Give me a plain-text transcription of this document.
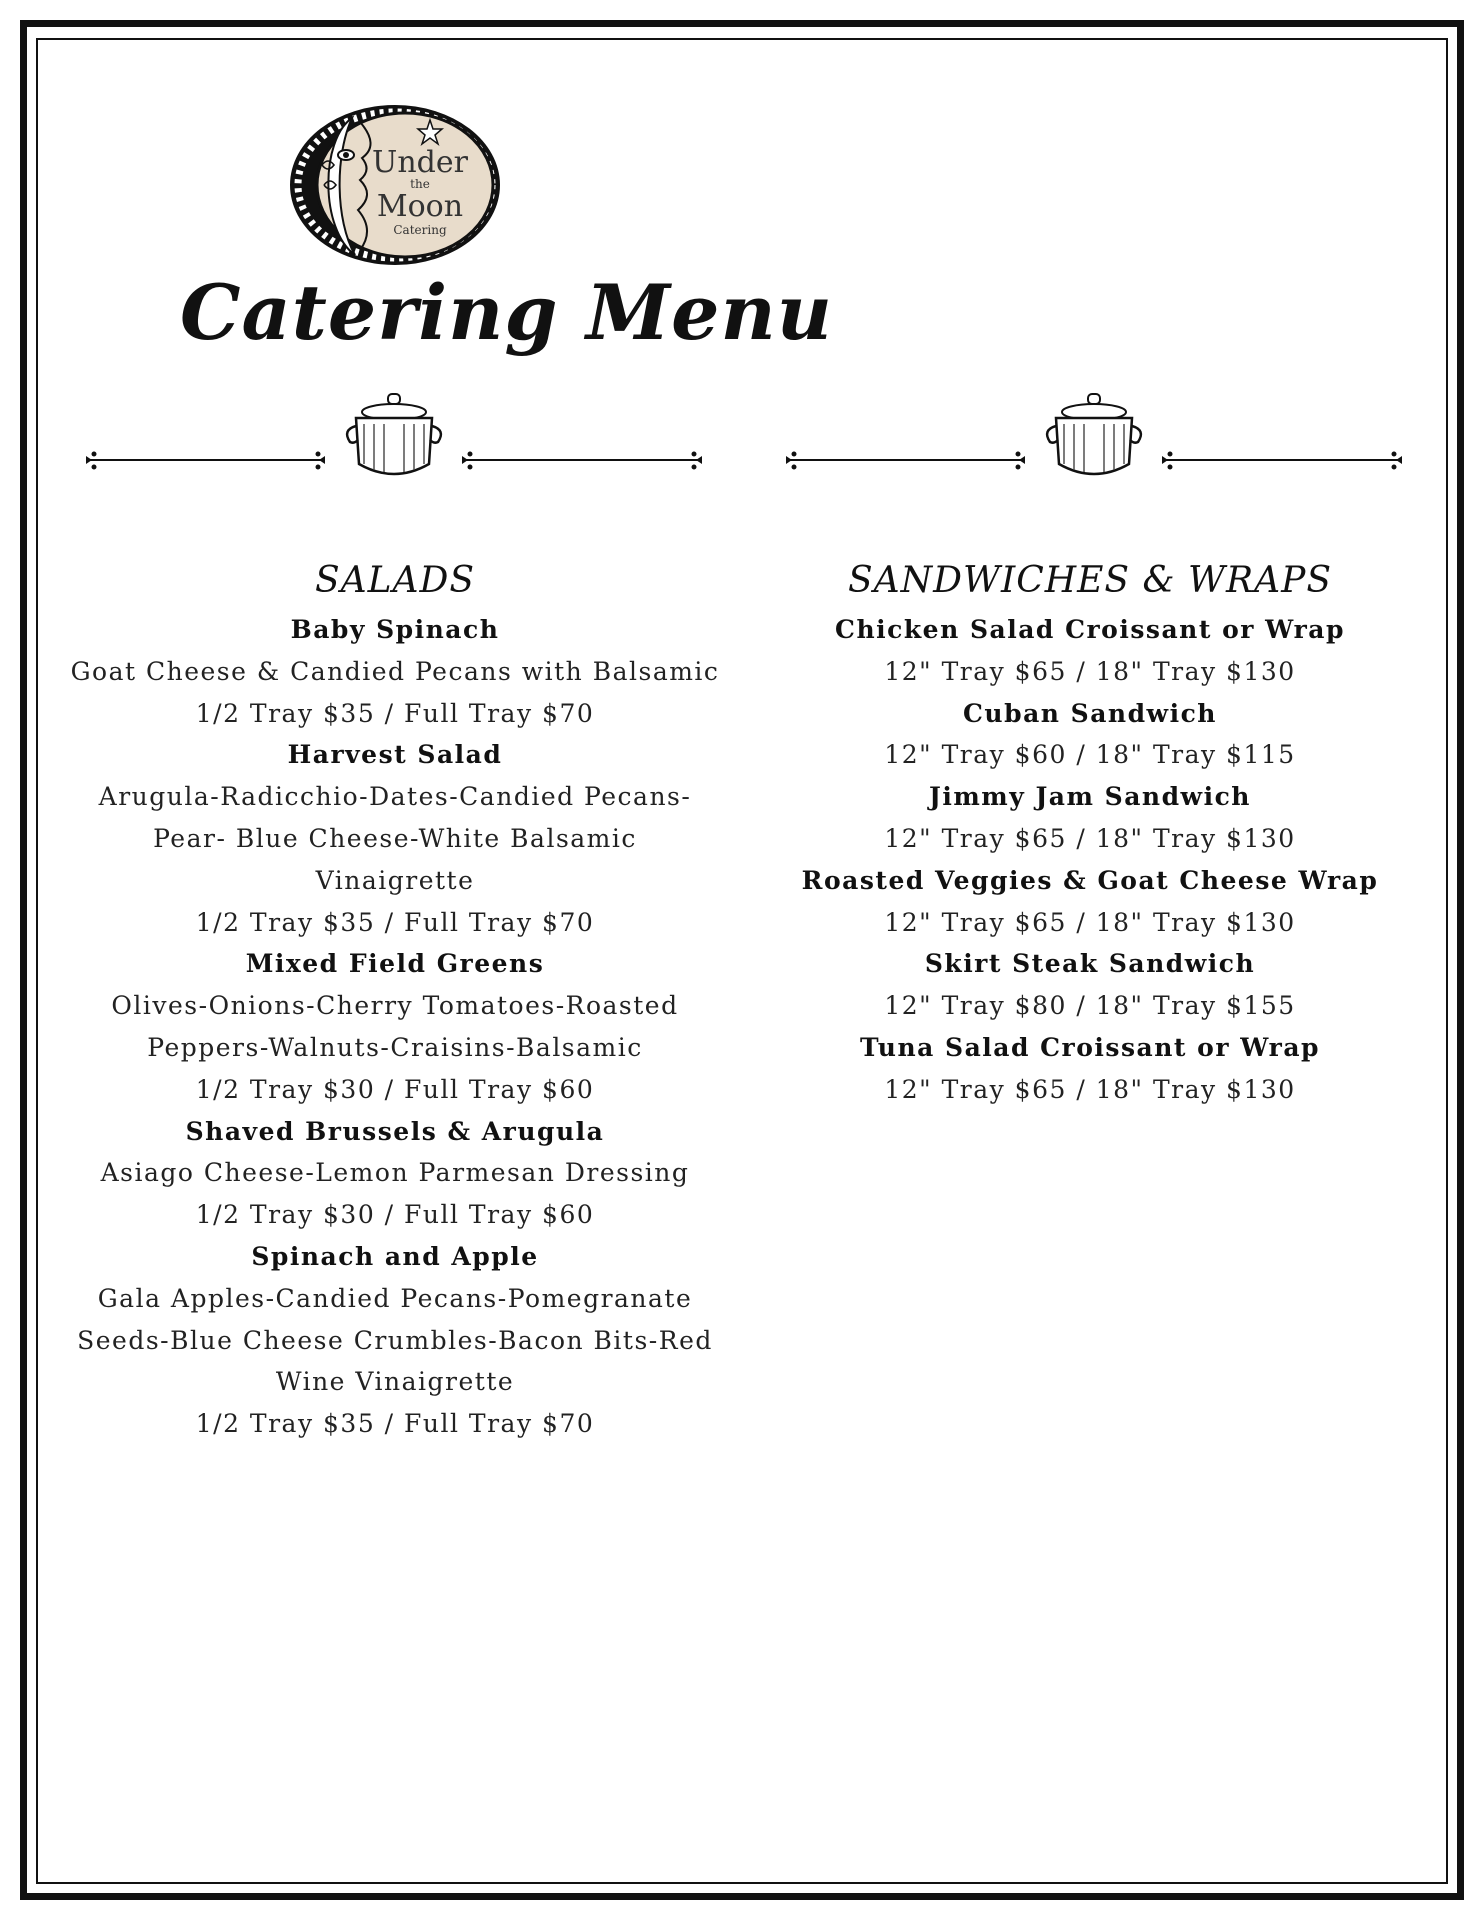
Under
the
Moon
Catering
Catering Menu
SALADS
Baby Spinach
Goat Cheese & Candied Pecans with Balsamic
1/2 Tray $35 / Full Tray $70
Harvest Salad
Arugula-Radicchio-Dates-Candied Pecans-
Pear- Blue Cheese-White Balsamic Vinaigrette
1/2 Tray $35 / Full Tray $70
Mixed Field Greens
Olives-Onions-Cherry Tomatoes-Roasted
Peppers-Walnuts-Craisins-Balsamic
1/2 Tray $30 / Full Tray $60
Shaved Brussels & Arugula
Asiago Cheese-Lemon Parmesan Dressing
1/2 Tray $30 / Full Tray $60
Spinach and Apple
Gala Apples-Candied Pecans-Pomegranate
Seeds-Blue Cheese Crumbles-Bacon Bits-Red
Wine Vinaigrette
1/2 Tray $35 / Full Tray $70
SANDWICHES & WRAPS
Chicken Salad Croissant or Wrap
12" Tray $65 / 18" Tray $130
Cuban Sandwich
12" Tray $60 / 18" Tray $115
Jimmy Jam Sandwich
12" Tray $65 / 18" Tray $130
Roasted Veggies & Goat Cheese Wrap
12" Tray $65 / 18" Tray $130
Skirt Steak Sandwich
12" Tray $80 / 18" Tray $155
Tuna Salad Croissant or Wrap
12" Tray $65 / 18" Tray $130
